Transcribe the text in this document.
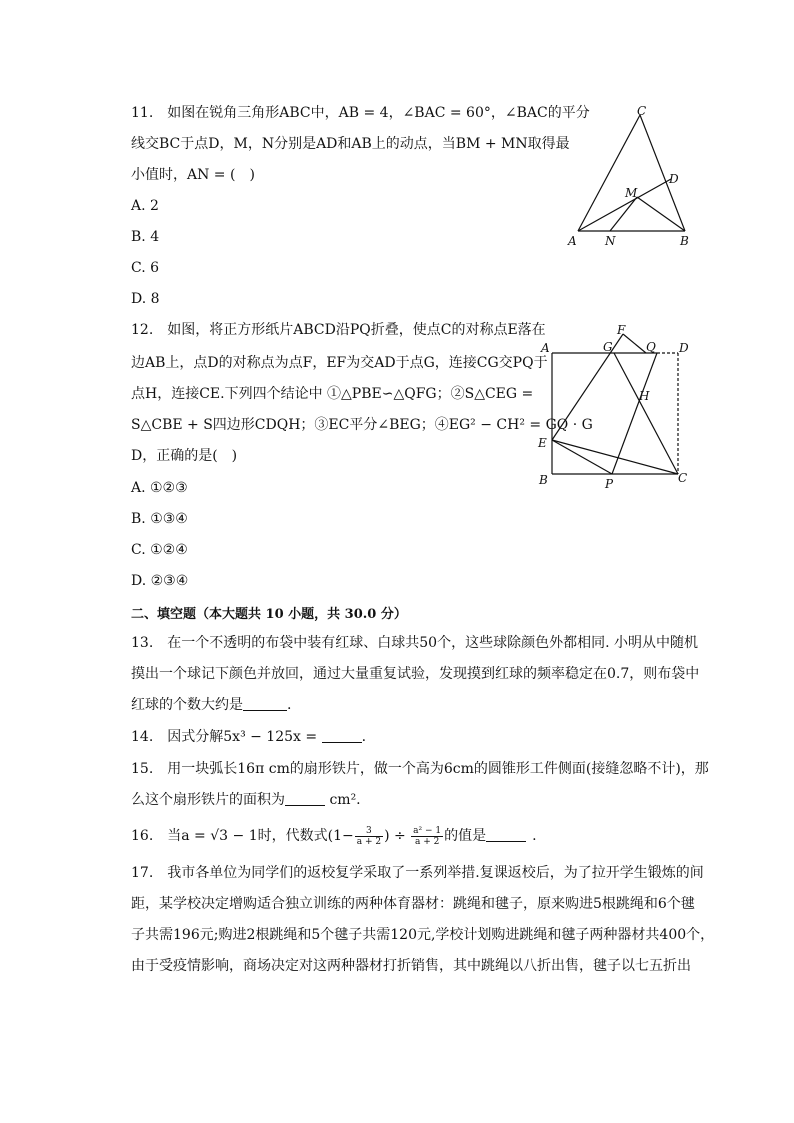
11.　如图在锐角三角形ABC中，AB = 4，∠BAC = 60°，∠BAC的平分
线交BC于点D，M，N分别是AD和AB上的动点，当BM + MN取得最
小值时，AN = (　)
A. 2
B. 4
C. 6
D. 8
C
D
M
A N	B
12.　如图，将正方形纸片ABCD沿PQ折叠，使点C的对称点E落在
边AB上，点D的对称点为点F，EF为交AD于点G，连接CG交PQ于
点H，连接CE.下列四个结论中 ①△PBE∽△QFG；②S△CEG =
S△CBE + S四边形CDQH；③EC平分∠BEG；④EG² − CH² = GQ · G
D，正确的是(　)
A. ①②③
B. ①③④
C. ①②④
D. ②③④
F
A	G	Q D
H
E
B	P	C
二、填空题（本大题共 10 小题，共 30.0 分）
13.　在一个不透明的布袋中装有红球、白球共50个，这些球除颜色外都相同. 小明从中随机
摸出一个球记下颜色并放回，通过大量重复试验，发现摸到红球的频率稳定在0.7，则布袋中
红球的个数大约是	.
14.　因式分解5x³ − 125x =	.
15.　用一块弧长16π cm的扇形铁片，做一个高为6cm的圆锥形工件侧面(接缝忽略不计)，那
么这个扇形铁片的面积为	cm².
16.　当a = √3 − 1时，代数式($1- \frac{3}{a + 2}$ ) ÷ $\frac{\text{a² − 1}}{a + 2}$ 的值是	.
17.　我市各单位为同学们的返校复学采取了一系列举措.复课返校后，为了拉开学生锻炼的间
距，某学校决定增购适合独立训练的两种体育器材：跳绳和毽子，原来购进5根跳绳和6个毽
子共需196元;购进2根跳绳和5个毽子共需120元,学校计划购进跳绳和毽子两种器材共400个，
由于受疫情影响，商场决定对这两种器材打折销售，其中跳绳以八折出售，毽子以七五折出
